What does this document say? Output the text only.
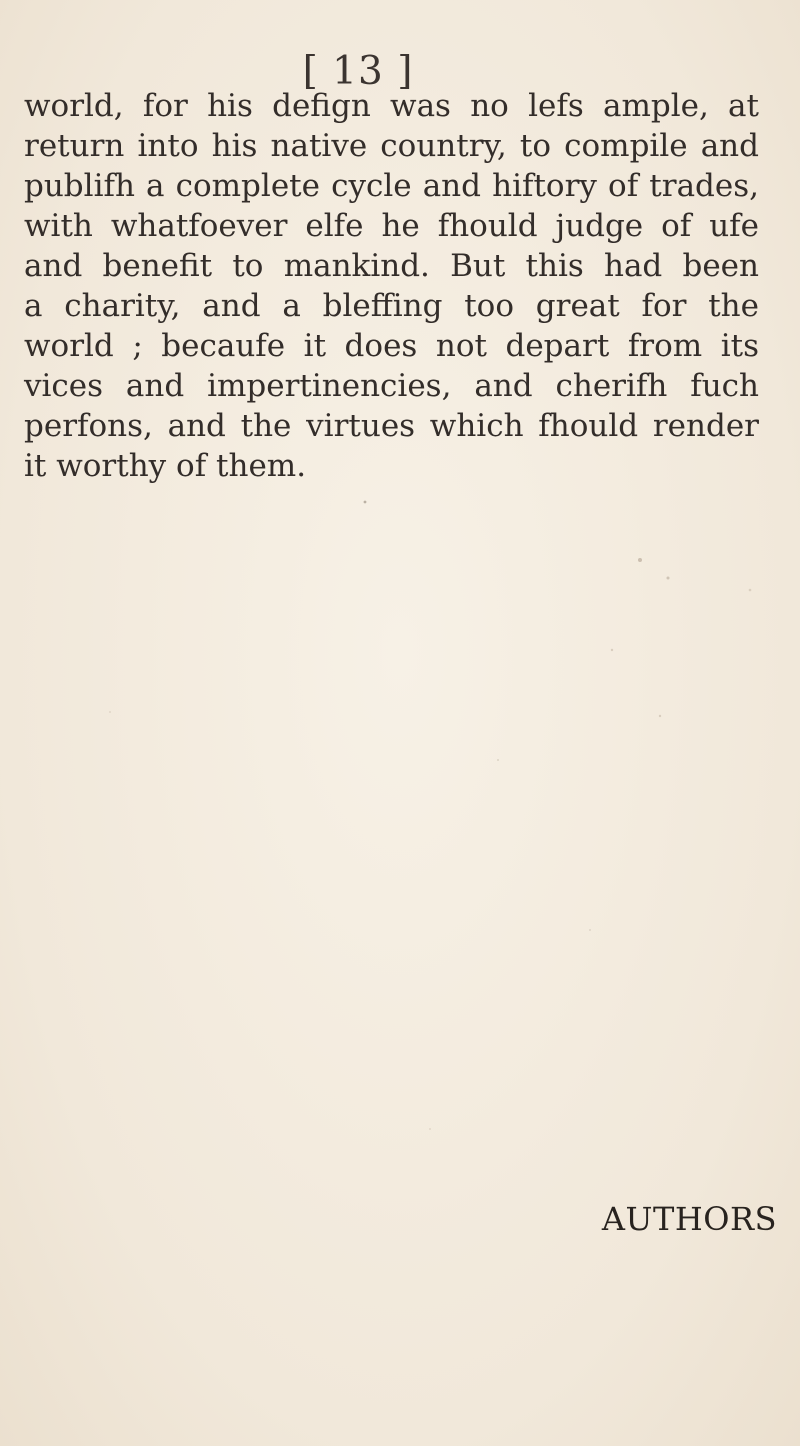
[ 13 ]
world, for his defign was no lefs ample, at
return into his native country, to compile and
publifh a complete cycle and hiftory of trades,
with whatfoever elfe he fhould judge of ufe
and benefit to mankind. But this had been
a charity, and a bleffing too great for the
world ; becaufe it does not depart from its
vices and impertinencies, and cherifh fuch
perfons, and the virtues which fhould render
it worthy of them.
AUTHORS
